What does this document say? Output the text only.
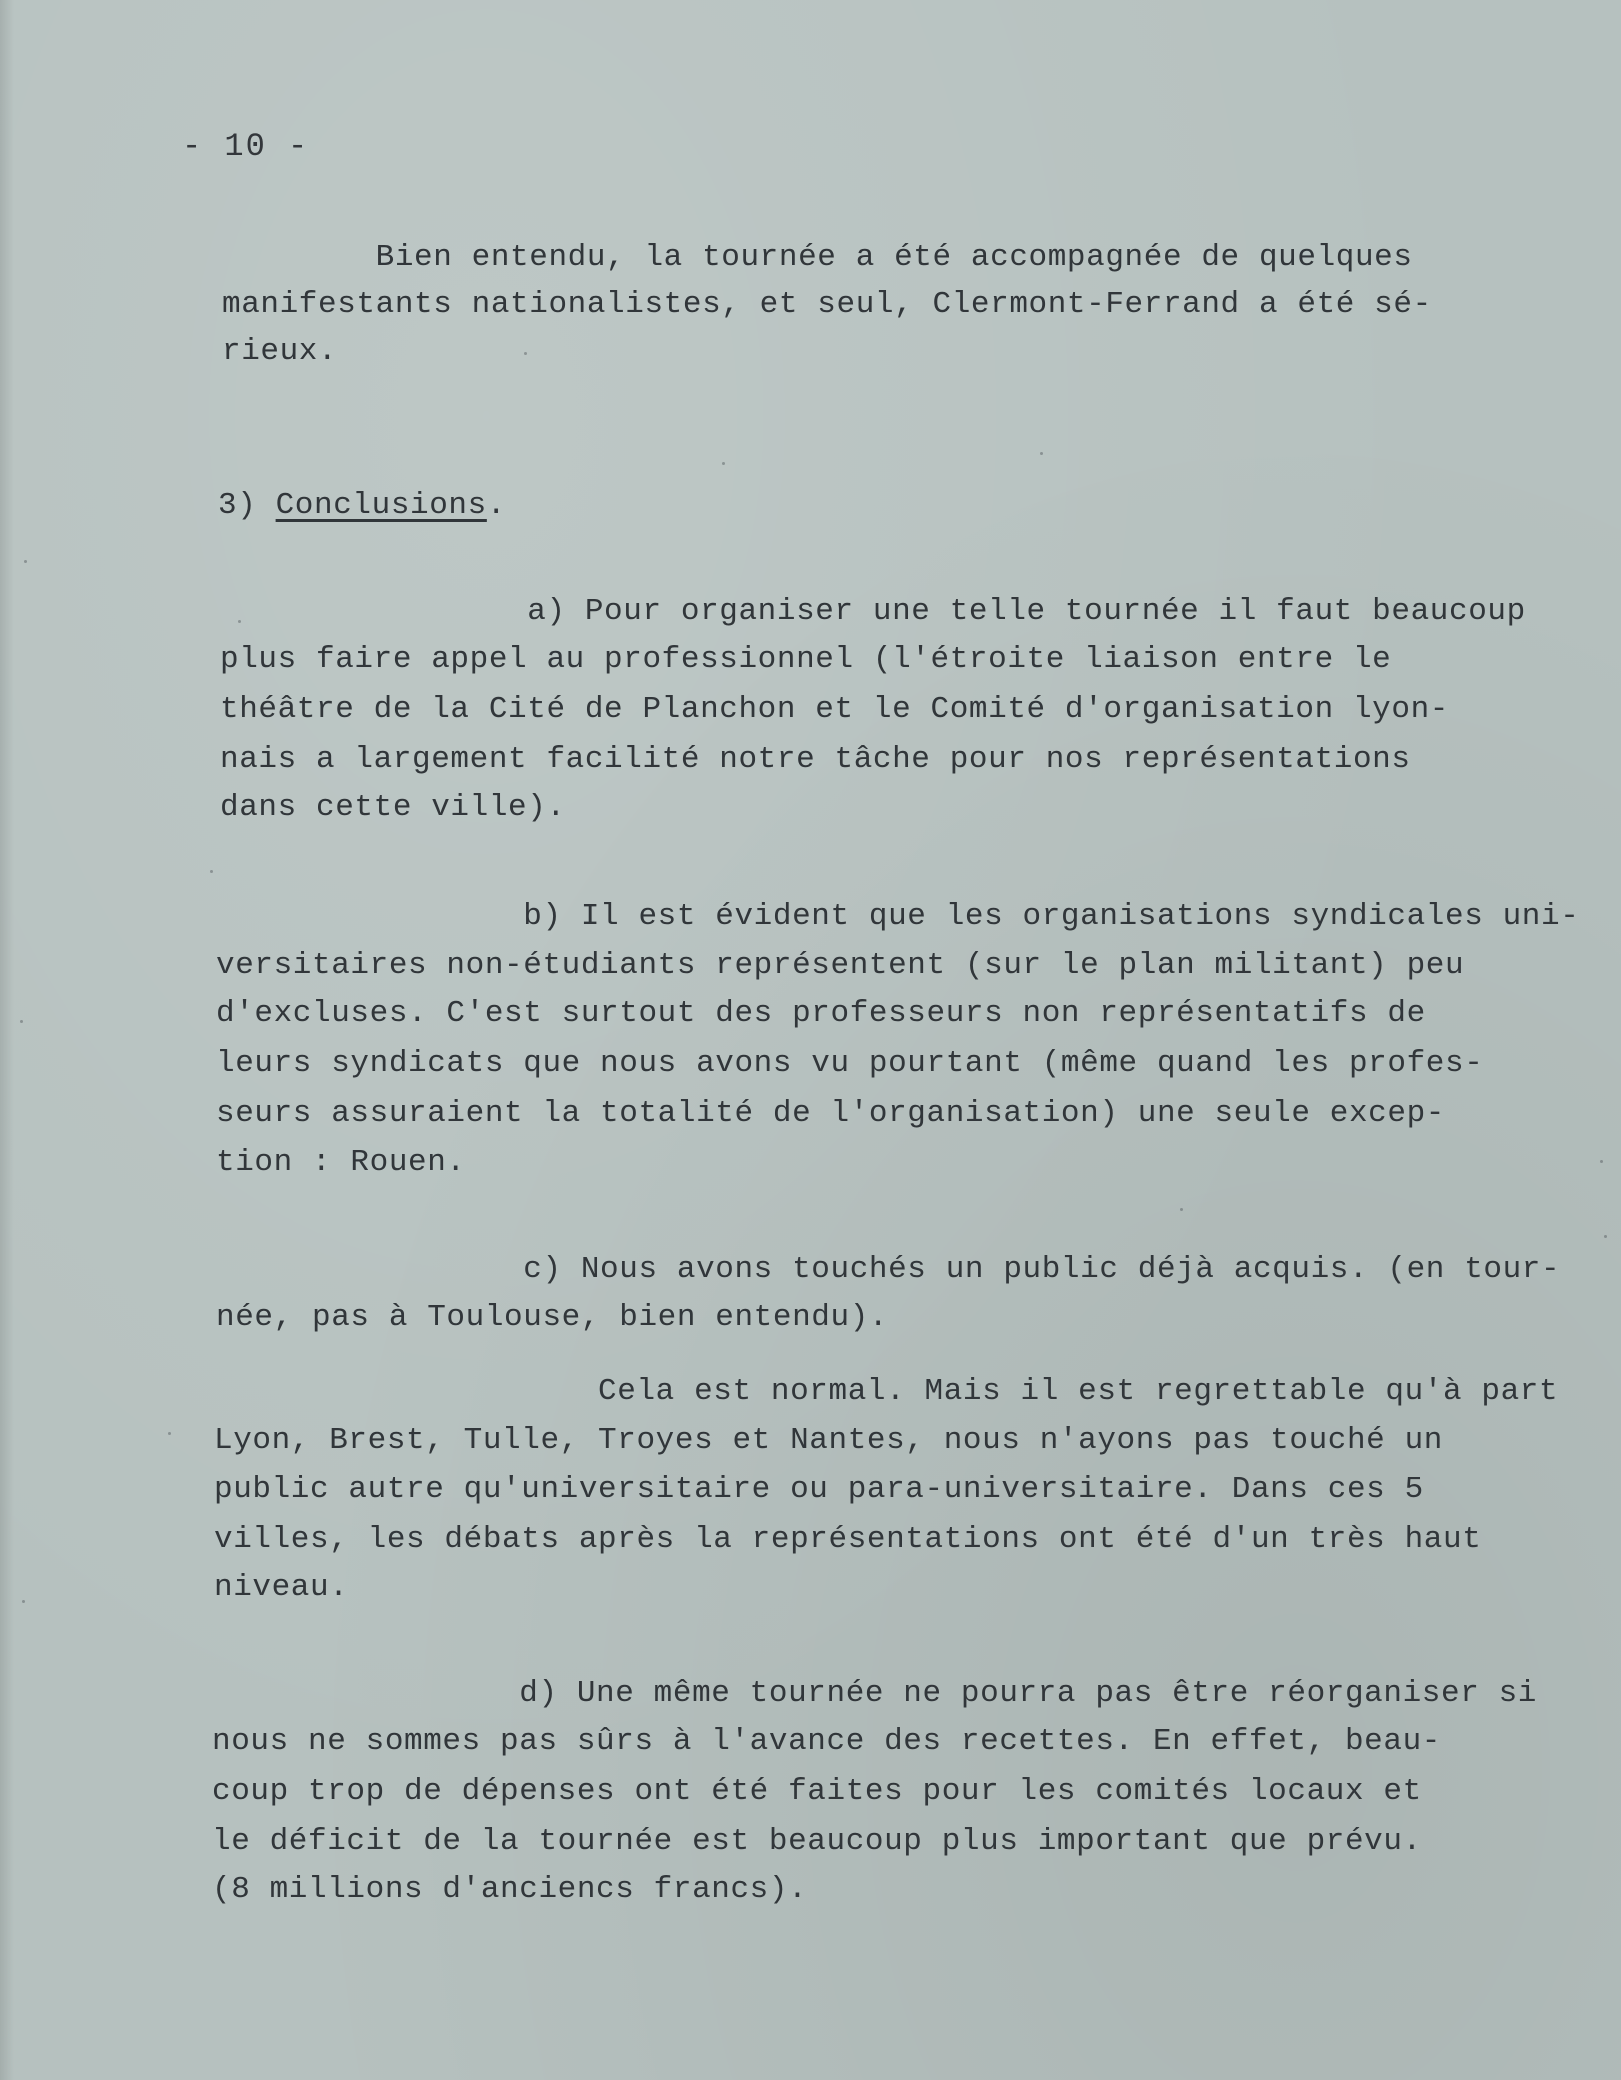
- 10 -
Bien entendu, la tournée a été accompagnée de quelques
manifestants nationalistes, et seul, Clermont-Ferrand a été sé-
rieux.
3) Conclusions.
a) Pour organiser une telle tournée il faut beaucoup
plus faire appel au professionnel (l'étroite liaison entre le
théâtre de la Cité de Planchon et le Comité d'organisation lyon-
nais a largement facilité notre tâche pour nos représentations
dans cette ville).
b) Il est évident que les organisations syndicales uni-
versitaires non-étudiants représentent (sur le plan militant) peu
d'excluses. C'est surtout des professeurs non représentatifs de
leurs syndicats que nous avons vu pourtant (même quand les profes-
seurs assuraient la totalité de l'organisation) une seule excep-
tion : Rouen.
c) Nous avons touchés un public déjà acquis. (en tour-
née, pas à Toulouse, bien entendu).
Cela est normal. Mais il est regrettable qu'à part
Lyon, Brest, Tulle, Troyes et Nantes, nous n'ayons pas touché un
public autre qu'universitaire ou para-universitaire. Dans ces 5
villes, les débats après la représentations ont été d'un très haut
niveau.
d) Une même tournée ne pourra pas être réorganiser si
nous ne sommes pas sûrs à l'avance des recettes. En effet, beau-
coup trop de dépenses ont été faites pour les comités locaux et
le déficit de la tournée est beaucoup plus important que prévu.
(8 millions d'anciencs francs).
